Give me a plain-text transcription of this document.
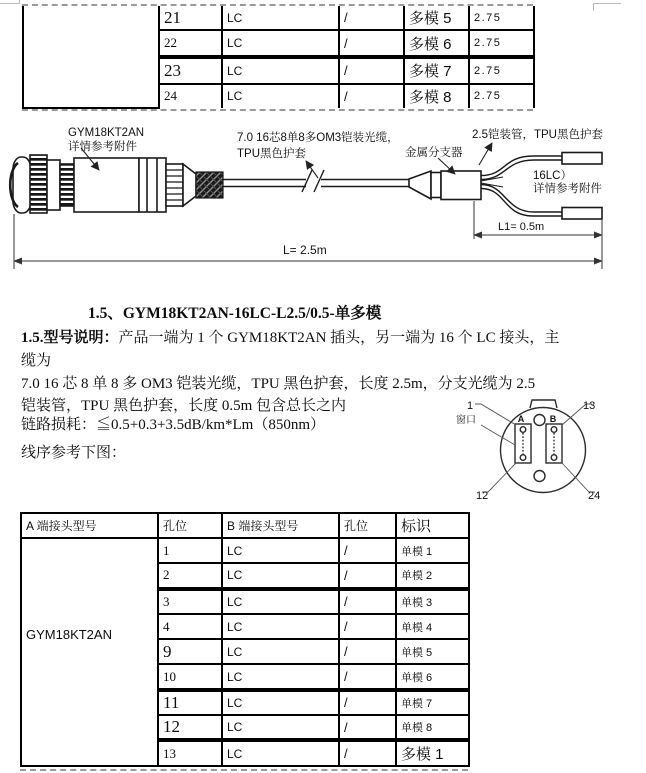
	21	LC	/	多模 5	2.75
	22	LC	/	多模 6	2.75
	23	LC	/	多模 7	2.75
	24	LC	/	多模 8	2.75
GYM18KT2AN
详情参考附件
7.0 16芯8单8多OM3铠装光缆，
TPU黑色护套	金属分支器
2.5铠装管，TPU黑色护套
16LC）
详情参考附件
L1= 0.5m
L= 2.5m
1.5、GYM18KT2AN-16LC-L2.5/0.5-单多模
1.5.型号说明：产品一端为 1 个 GYM18KT2AN 插头，另一端为 16 个 LC 接头，主
缆为
7.0 16 芯 8 单 8 多 OM3 铠装光缆，TPU 黑色护套，长度 2.5m，分支光缆为 2.5
铠装管，TPU 黑色护套，长度 0.5m 包含总长之内
链路损耗：≦0.5+0.3+3.5dB/km*Lm（850nm）
线序参考下图：
A	B
1	13
12	24
窗口
A 端接头型号	孔位	B 端接头型号	孔位	标识
GYM18KT2AN	1	LC	/	单模 1
	2	LC	/	单模 2
	3	LC	/	单模 3
	4	LC	/	单模 4
	9	LC	/	单模 5
	10	LC	/	单模 6
	11	LC	/	单模 7
	12	LC	/	单模 8
	13	LC	/	多模 1
